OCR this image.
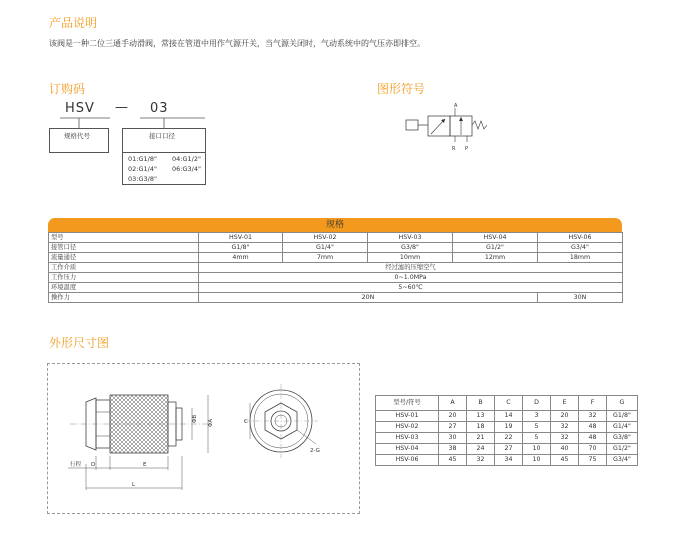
产品说明
该阀是一种二位三通手动滑阀，常接在管道中用作气源开关，当气源关闭时，气动系统中的气压亦即排空。
订购码
HSV — 03
规格代号	接口口径
01:G1/8"	04:G1/2"
02:G1/4"	06:G3/4"
03:G3/8"
图形符号
A
R P
规格
型号	HSV-01	HSV-02	HSV-03	HSV-04	HSV-06
接管口径	G1/8"	G1/4"	G3/8"	G1/2"	G3/4"
流量通径	4mm	7mm	10mm	12mm	18mm
工作介质	经过滤的压缩空气				
工作压力	0~1.0MPa				
环境温度	5~60℃				
操作力	20N				30N
外形尺寸图
ΦB ΦA
行程 D	E
L
C
2-G
型号/符号	A	B	C	D	E	F	G
HSV-01	20	13	14	3	20	32	G1/8"
HSV-02	27	18	19	5	32	48	G1/4"
HSV-03	30	21	22	5	32	48	G3/8"
HSV-04	38	24	27	10	40	70	G1/2"
HSV-06	45	32	34	10	45	75	G3/4"
